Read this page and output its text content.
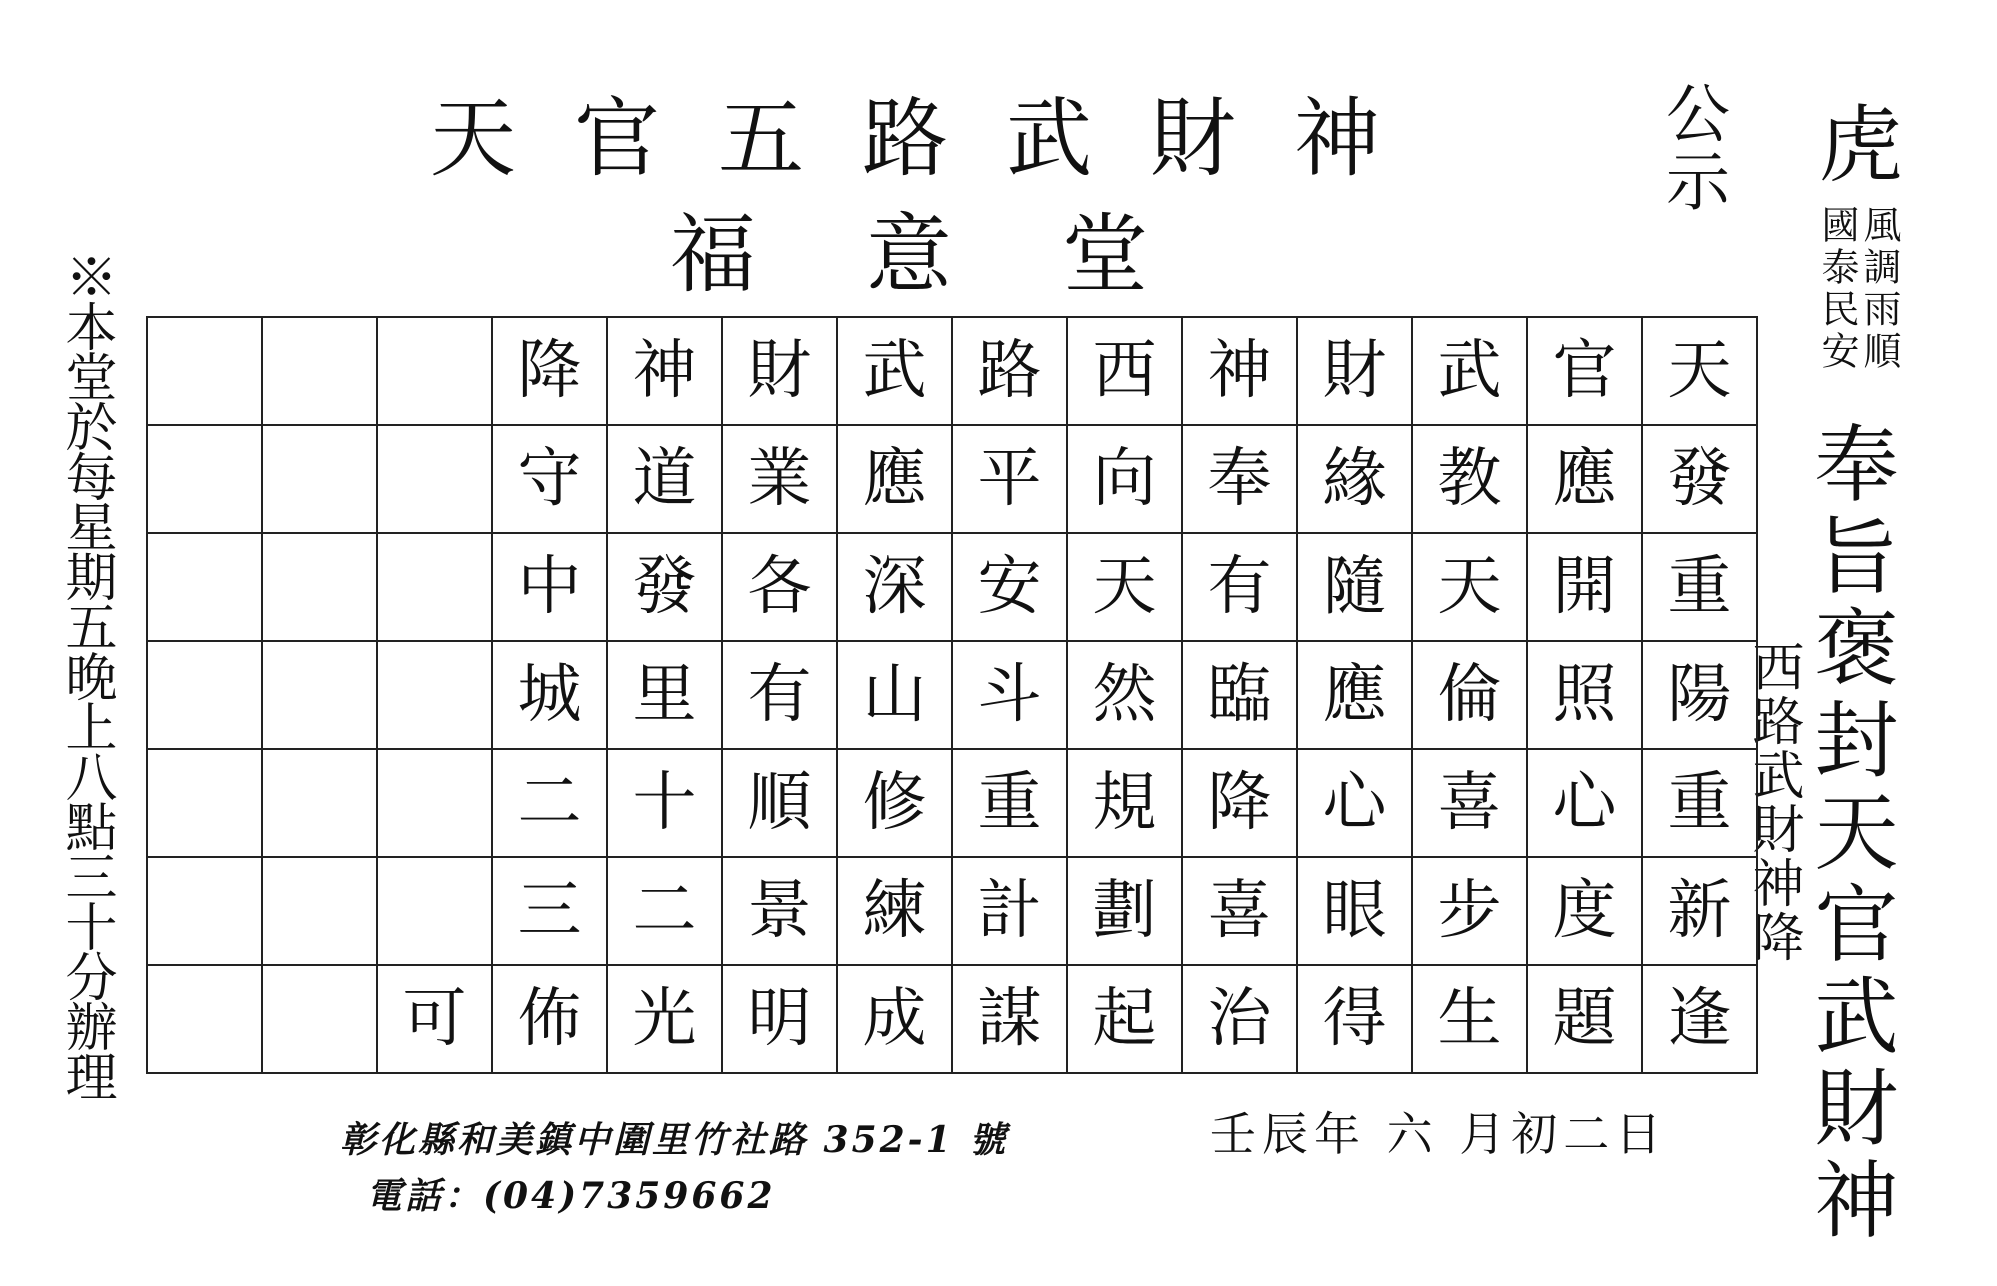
天官五路武財神
福意堂
公示 虎
風調雨順
國泰民安
奉旨褒封天官武財神
西路武財神降
※本堂於每星期五晚上八點三十分辦理
				降	神	財	武	路	西	神	財	武	官	天
			守	道	業	應	平	向	奉	緣	教	應	發
			中	發	各	深	安	天	有	隨	天	開	重
			城	里	有	山	斗	然	臨	應	倫	照	陽
			二	十	順	修	重	規	降	心	喜	心	重
			三	二	景	練	計	劃	喜	眼	步	度	新
		可	佈	光	明	成	謀	起	治	得	生	題	逢
彰化縣和美鎮中圍里竹社路 352-1 號
電話：(04)7359662
壬辰年 六 月初二日
